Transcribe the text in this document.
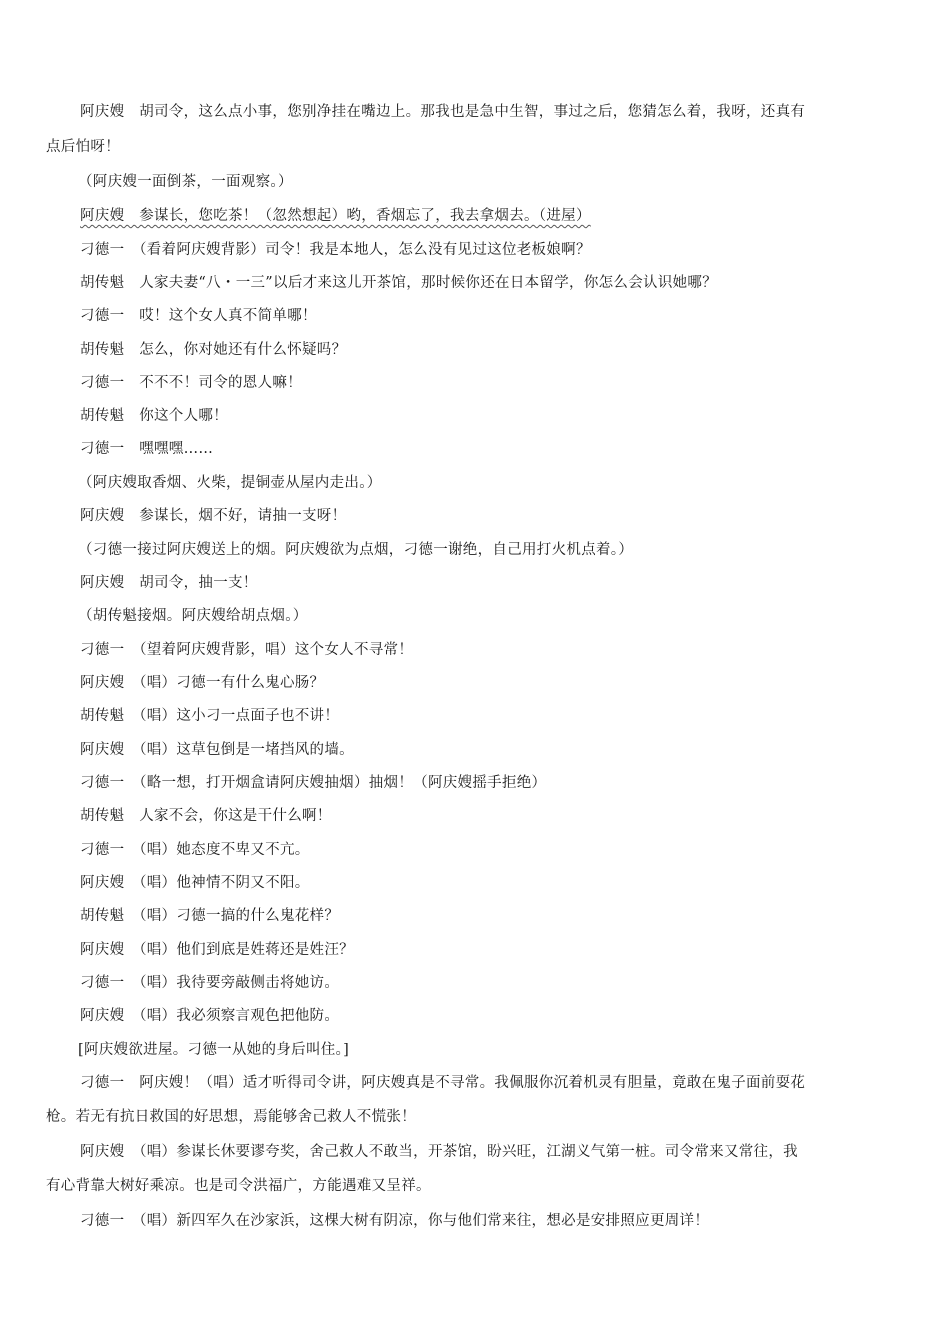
阿庆嫂　胡司令，这么点小事，您别净挂在嘴边上。那我也是急中生智，事过之后，您猜怎么着，我呀，还真有
点后怕呀！
（阿庆嫂一面倒茶，一面观察。）
阿庆嫂　参谋长，您吃茶！（忽然想起）哟，香烟忘了，我去拿烟去。（进屋）
刁德一　（看着阿庆嫂背影）司令！我是本地人，怎么没有见过这位老板娘啊？
胡传魁　人家夫妻“八・一三”以后才来这儿开茶馆，那时候你还在日本留学，你怎么会认识她哪？
刁德一　哎！这个女人真不简单哪！
胡传魁　怎么，你对她还有什么怀疑吗？
刁德一　不不不！司令的恩人嘛！
胡传魁　你这个人哪！
刁德一　嘿嘿嘿……
（阿庆嫂取香烟、火柴，提铜壶从屋内走出。）
阿庆嫂　参谋长，烟不好，请抽一支呀！
（刁德一接过阿庆嫂送上的烟。阿庆嫂欲为点烟，刁德一谢绝，自己用打火机点着。）
阿庆嫂　胡司令，抽一支！
（胡传魁接烟。阿庆嫂给胡点烟。）
刁德一　（望着阿庆嫂背影，唱）这个女人不寻常！
阿庆嫂　（唱）刁德一有什么鬼心肠？
胡传魁　（唱）这小刁一点面子也不讲！
阿庆嫂　（唱）这草包倒是一堵挡风的墙。
刁德一　（略一想，打开烟盒请阿庆嫂抽烟）抽烟！（阿庆嫂摇手拒绝）
胡传魁　人家不会，你这是干什么啊！
刁德一　（唱）她态度不卑又不亢。
阿庆嫂　（唱）他神情不阴又不阳。
胡传魁　（唱）刁德一搞的什么鬼花样？
阿庆嫂　（唱）他们到底是姓蒋还是姓汪？
刁德一　（唱）我待要旁敲侧击将她访。
阿庆嫂　（唱）我必须察言观色把他防。
[阿庆嫂欲进屋。刁德一从她的身后叫住。]
刁德一　阿庆嫂！（唱）适才听得司令讲，阿庆嫂真是不寻常。我佩服你沉着机灵有胆量，竟敢在鬼子面前耍花
枪。若无有抗日救国的好思想，焉能够舍己救人不慌张！
阿庆嫂　（唱）参谋长休要谬夸奖，舍己救人不敢当，开茶馆，盼兴旺，江湖义气第一桩。司令常来又常往，我
有心背靠大树好乘凉。也是司令洪福广，方能遇难又呈祥。
刁德一　（唱）新四军久在沙家浜，这棵大树有阴凉，你与他们常来往，想必是安排照应更周详！
